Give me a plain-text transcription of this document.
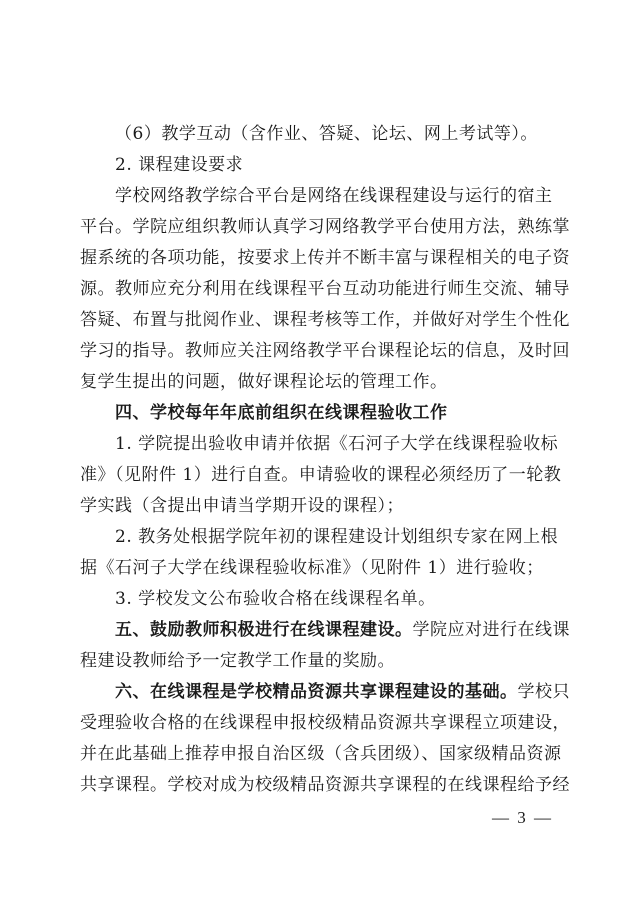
（6）教学互动（含作业、答疑、论坛、网上考试等）。
2. 课程建设要求
学校网络教学综合平台是网络在线课程建设与运行的宿主
平台。学院应组织教师认真学习网络教学平台使用方法，熟练掌
握系统的各项功能，按要求上传并不断丰富与课程相关的电子资
源。教师应充分利用在线课程平台互动功能进行师生交流、辅导
答疑、布置与批阅作业、课程考核等工作，并做好对学生个性化
学习的指导。教师应关注网络教学平台课程论坛的信息，及时回
复学生提出的问题，做好课程论坛的管理工作。
四、学校每年年底前组织在线课程验收工作
1. 学院提出验收申请并依据《石河子大学在线课程验收标
准》（见附件 1）进行自查。申请验收的课程必须经历了一轮教
学实践（含提出申请当学期开设的课程）；
2. 教务处根据学院年初的课程建设计划组织专家在网上根
据《石河子大学在线课程验收标准》（见附件 1）进行验收；
3. 学校发文公布验收合格在线课程名单。
五、鼓励教师积极进行在线课程建设。学院应对进行在线课
程建设教师给予一定教学工作量的奖励。
六、在线课程是学校精品资源共享课程建设的基础。学校只
受理验收合格的在线课程申报校级精品资源共享课程立项建设，
并在此基础上推荐申报自治区级（含兵团级）、国家级精品资源
共享课程。学校对成为校级精品资源共享课程的在线课程给予经
— 3 —
